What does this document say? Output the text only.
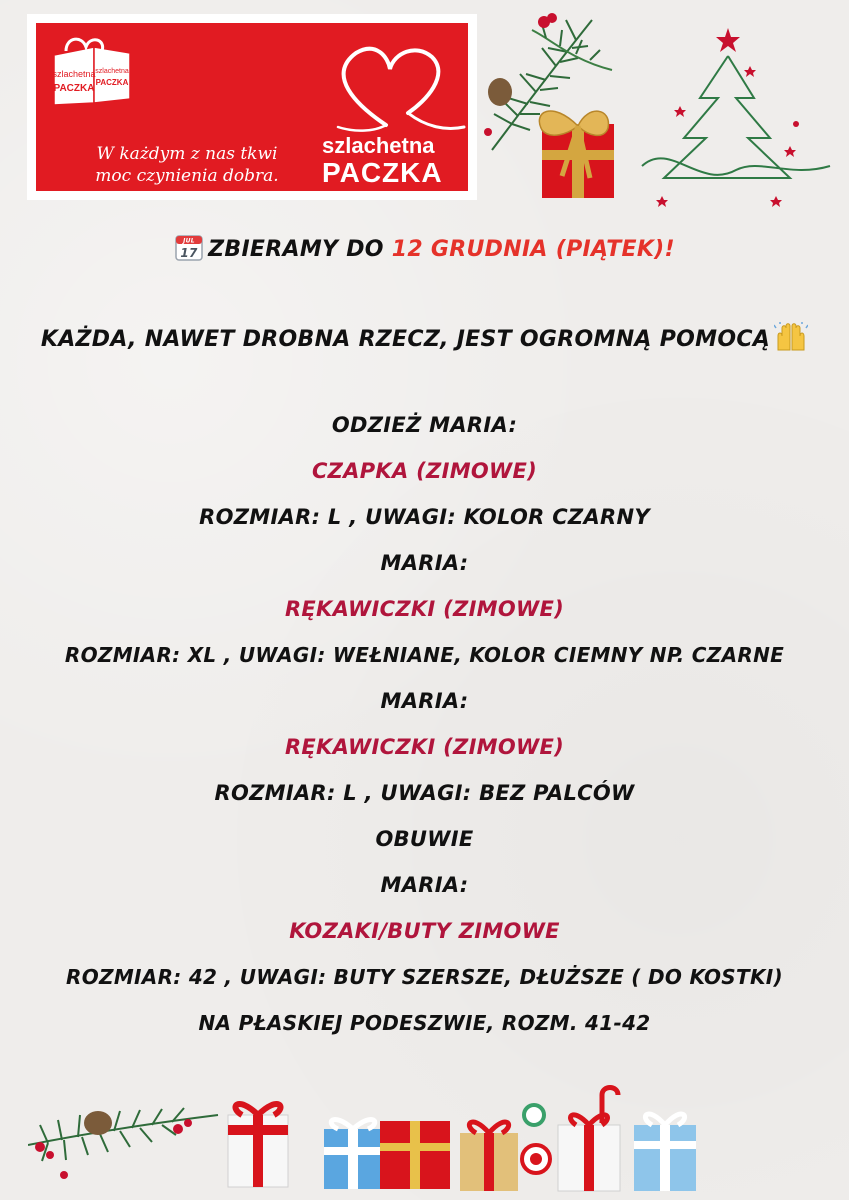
szlachetna
PACZKA
szlachetna
PACZKA
W każdym z nas tkwi
moc czynienia dobra.
szlachetna
PACZKA
JUL
17 ZBIERAMY DO 12 GRUDNIA (PIĄTEK)!
KAŻDA, NAWET DROBNA RZECZ, JEST OGROMNĄ POMOCĄ
ODZIEŻ MARIA:
CZAPKA (ZIMOWE)
ROZMIAR: L , UWAGI: KOLOR CZARNY
MARIA:
RĘKAWICZKI (ZIMOWE)
ROZMIAR: XL , UWAGI: WEŁNIANE, KOLOR CIEMNY NP. CZARNE
MARIA:
RĘKAWICZKI (ZIMOWE)
ROZMIAR: L , UWAGI: BEZ PALCÓW
OBUWIE
MARIA:
KOZAKI/BUTY ZIMOWE
ROZMIAR: 42 , UWAGI: BUTY SZERSZE, DŁUŻSZE ( DO KOSTKI)
NA PŁASKIEJ PODESZWIE, ROZM. 41-42
